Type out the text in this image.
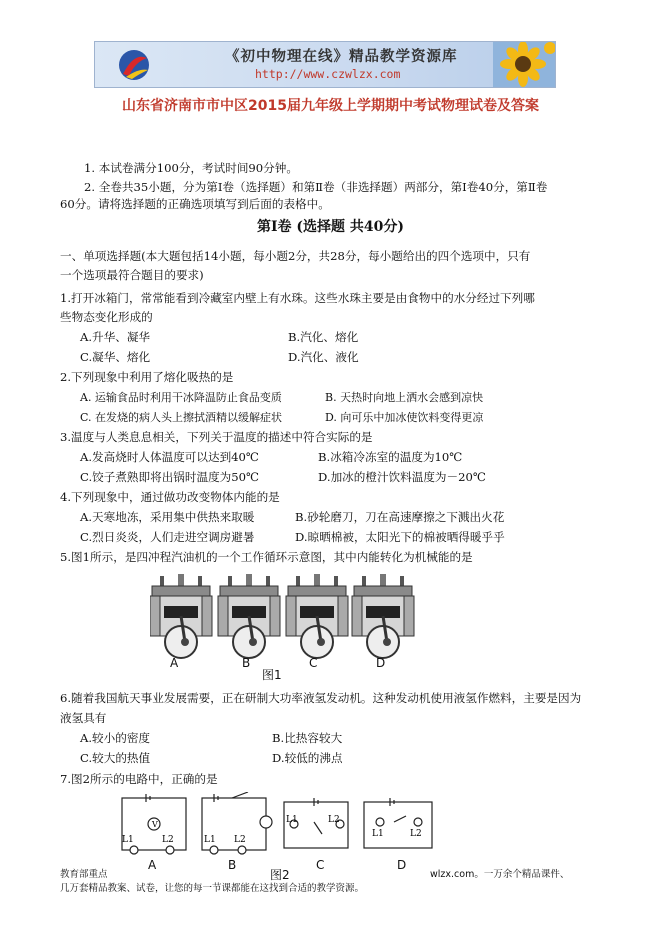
《初中物理在线》精品教学资源库
http://www.czwlzx.com
山东省济南市市中区2015届九年级上学期期中考试物理试卷及答案
1. 本试卷满分100分，考试时间90分钟。
2. 全卷共35小题，分为第Ⅰ卷（选择题）和第Ⅱ卷（非选择题）两部分，第Ⅰ卷40分，第Ⅱ卷
60分。请将选择题的正确选项填写到后面的表格中。
第Ⅰ卷 (选择题 共40分)
一、单项选择题(本大题包括14小题，每小题2分，共28分，每小题给出的四个选项中，只有
一个选项最符合题目的要求)
1.打开冰箱门，常常能看到冷藏室内壁上有水珠。这些水珠主要是由食物中的水分经过下列哪
些物态变化形成的
A.升华、凝华	B.汽化、熔化
C.凝华、熔化	D.汽化、液化
2.下列现象中利用了熔化吸热的是
A. 运输食品时利用干冰降温防止食品变质	B. 天热时向地上洒水会感到凉快
C. 在发烧的病人头上擦拭酒精以缓解症状	D. 向可乐中加冰使饮料变得更凉
3.温度与人类息息相关，下列关于温度的描述中符合实际的是
A.发高烧时人体温度可以达到40℃	B.冰箱冷冻室的温度为10℃
C.饺子煮熟即将出锅时温度为50℃	D.加冰的橙汁饮料温度为－20℃
4.下列现象中，通过做功改变物体内能的是
A.天寒地冻，采用集中供热来取暖	B.砂轮磨刀，刀在高速摩擦之下溅出火花
C.烈日炎炎，人们走进空调房避暑	D.晾晒棉被，太阳光下的棉被晒得暖乎乎
5.图1所示，是四冲程汽油机的一个工作循环示意图，其中内能转化为机械能的是
A	B
图1
C	D
6.随着我国航天事业发展需要，正在研制大功率液氢发动机。这种发动机使用液氢作燃料，主要是因为
液氢具有
A.较小的密度	B.比热容较大
C.较大的热值	D.较低的沸点
7.图2所示的电路中，正确的是
V
L1	L2	L1 L2
L1	L2
L1	L2
A	B
图2
C	D
教育部重点	wlzx.com。一万余个精品课件、
几万套精品教案、试卷，让您的每一节课都能在这找到合适的教学资源。
